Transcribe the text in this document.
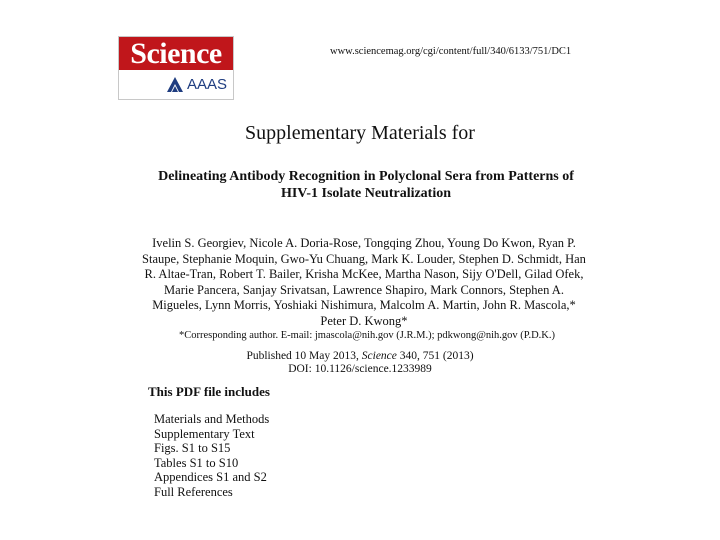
Science
AAAS
www.sciencemag.org/cgi/content/full/340/6133/751/DC1
Supplementary Materials for
Delineating Antibody Recognition in Polyclonal Sera from Patterns of HIV-1 Isolate Neutralization
Ivelin S. Georgiev, Nicole A. Doria-Rose, Tongqing Zhou, Young Do Kwon, Ryan P. Staupe, Stephanie Moquin, Gwo-Yu Chuang, Mark K. Louder, Stephen D. Schmidt, Han R. Altae-Tran, Robert T. Bailer, Krisha McKee, Martha Nason, Sijy O'Dell, Gilad Ofek, Marie Pancera, Sanjay Srivatsan, Lawrence Shapiro, Mark Connors, Stephen A. Migueles, Lynn Morris, Yoshiaki Nishimura, Malcolm A. Martin, John R. Mascola,* Peter D. Kwong*
*Corresponding author. E-mail: jmascola@nih.gov (J.R.M.); pdkwong@nih.gov (P.D.K.)
Published 10 May 2013, Science 340, 751 (2013)
DOI: 10.1126/science.1233989
This PDF file includes
Materials and Methods
Supplementary Text
Figs. S1 to S15
Tables S1 to S10
Appendices S1 and S2
Full References
